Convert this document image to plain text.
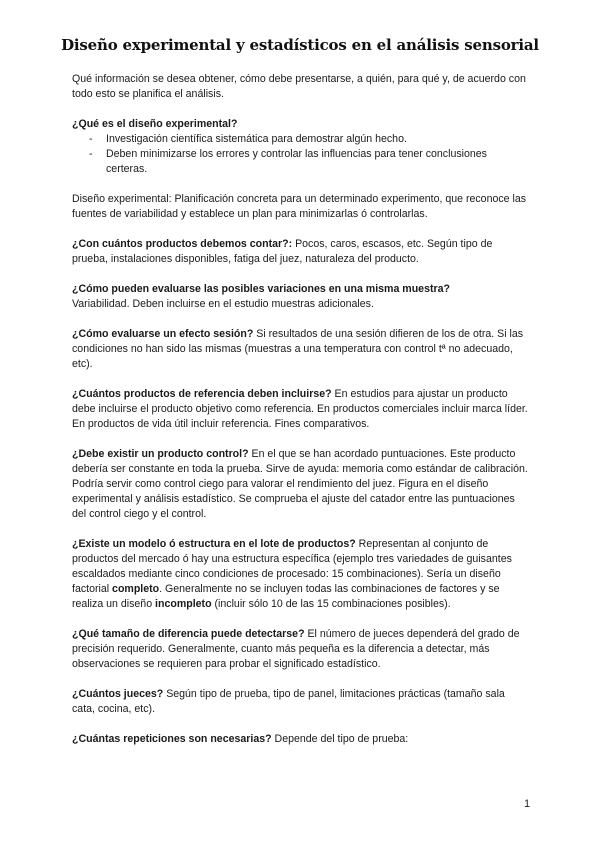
Diseño experimental y estadísticos en el análisis sensorial

Qué información se desea obtener, cómo debe presentarse, a quién, para qué y, de acuerdo con todo esto se planifica el análisis.

¿Qué es el diseño experimental?

- Investigación científica sistemática para demostrar algún hecho.
- Deben minimizarse los errores y controlar las influencias para tener conclusiones certeras.

Diseño experimental: Planificación concreta para un determinado experimento, que reconoce las fuentes de variabilidad y establece un plan para minimizarlas ó controlarlas.

¿Con cuántos productos debemos contar?: Pocos, caros, escasos, etc. Según tipo de prueba, instalaciones disponibles, fatiga del juez, naturaleza del producto.

¿Cómo pueden evaluarse las posibles variaciones en una misma muestra?
Variabilidad. Deben incluirse en el estudio muestras adicionales.

¿Cómo evaluarse un efecto sesión? Si resultados de una sesión difieren de los de otra. Si las condiciones no han sido las mismas (muestras a una temperatura con control tª no adecuado, etc).

¿Cuántos productos de referencia deben incluirse? En estudios para ajustar un producto debe incluirse el producto objetivo como referencia. En productos comerciales incluir marca líder. En productos de vida útil incluir referencia. Fines comparativos.

¿Debe existir un producto control? En el que se han acordado puntuaciones. Este producto debería ser constante en toda la prueba. Sirve de ayuda: memoria como estándar de calibración. Podría servir como control ciego para valorar el rendimiento del juez. Figura en el diseño experimental y análisis estadístico. Se comprueba el ajuste del catador entre las puntuaciones del control ciego y el control.

¿Existe un modelo ó estructura en el lote de productos? Representan al conjunto de productos del mercado ó hay una estructura específica (ejemplo tres variedades de guisantes escaldados mediante cinco condiciones de procesado: 15 combinaciones). Sería un diseño factorial completo. Generalmente no se incluyen todas las combinaciones de factores y se realiza un diseño incompleto (incluir sólo 10 de las 15 combinaciones posibles).

¿Qué tamaño de diferencia puede detectarse? El número de jueces dependerá del grado de precisión requerido. Generalmente, cuanto más pequeña es la diferencia a detectar, más observaciones se requieren para probar el significado estadístico.

¿Cuántos jueces? Según tipo de prueba, tipo de panel, limitaciones prácticas (tamaño sala cata, cocina, etc).

¿Cuántas repeticiones son necesarias? Depende del tipo de prueba:

1
